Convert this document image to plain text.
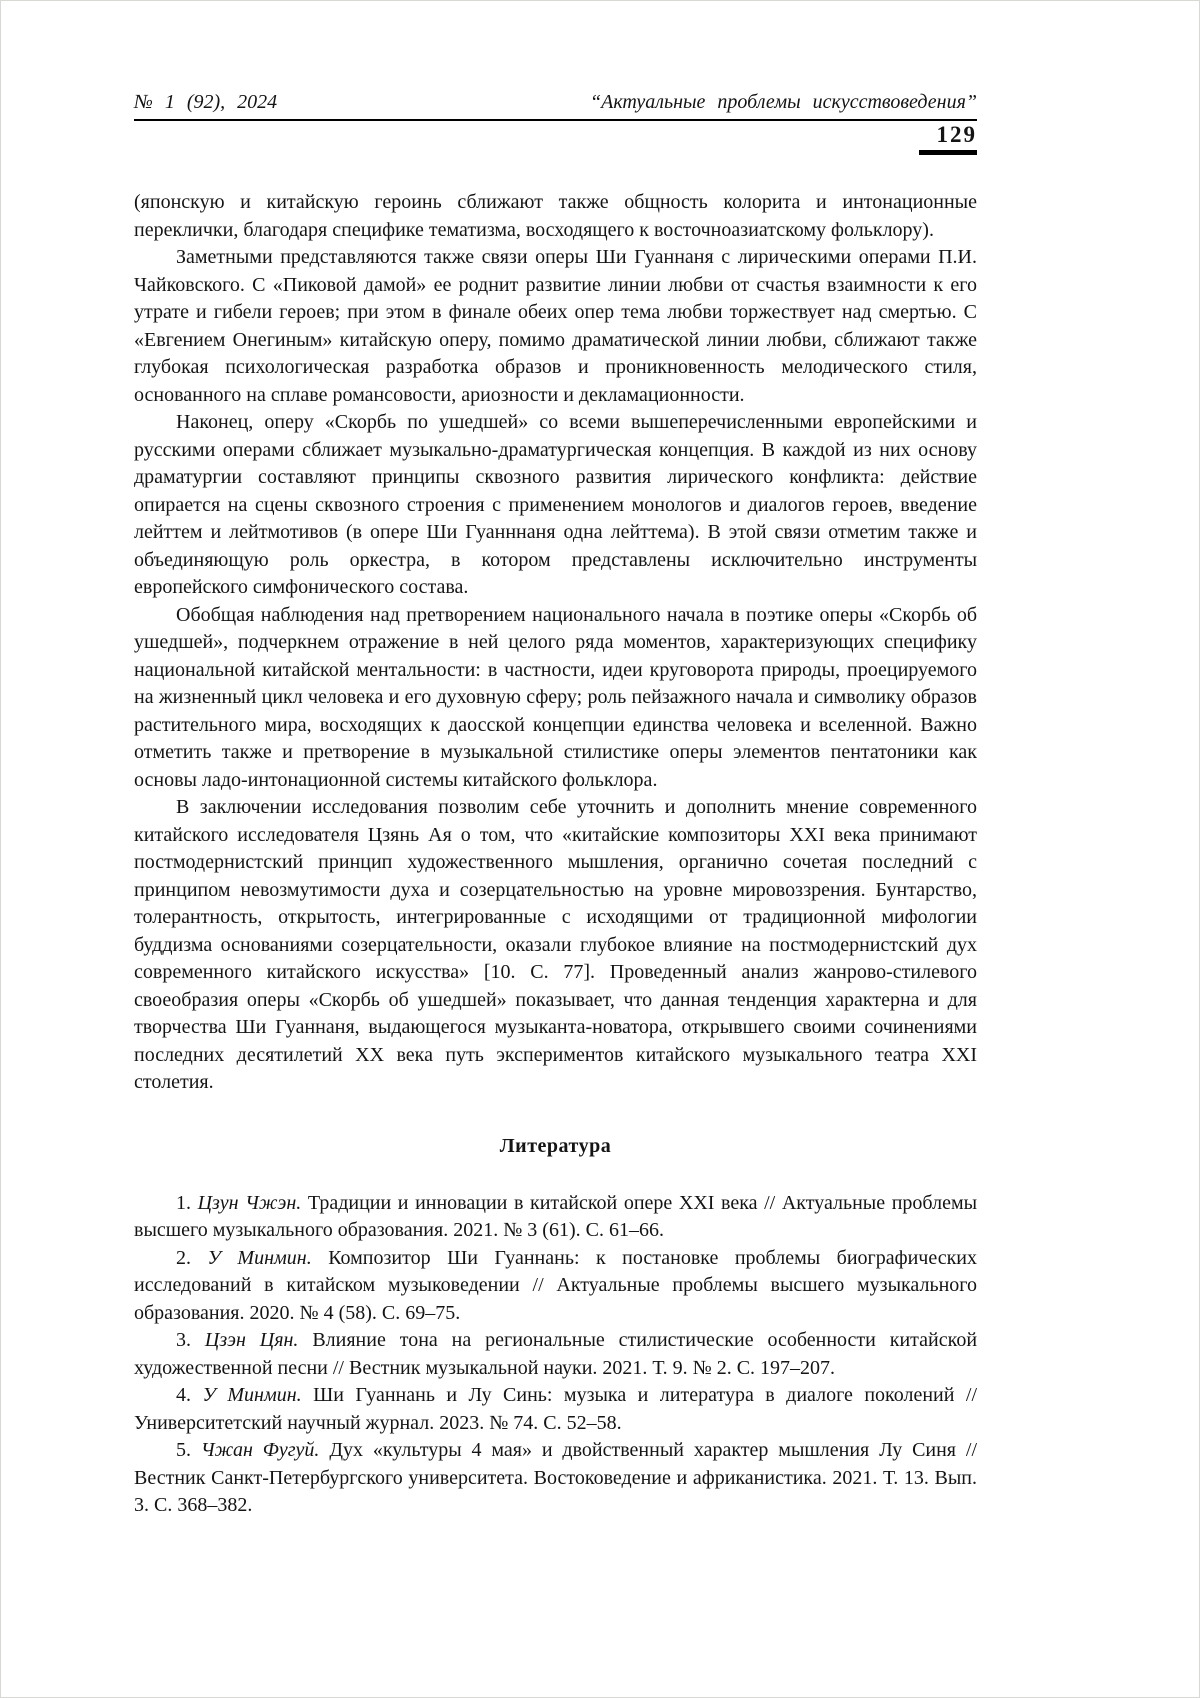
№ 1 (92), 2024	“Актуальные проблемы искусствоведения”
129

(японскую и китайскую героинь сближают также общность колорита и интонационные переклички, благодаря специфике тематизма, восходящего к восточноазиатскому фольклору).

Заметными представляются также связи оперы Ши Гуаннаня с лирическими операми П.И. Чайковского. С «Пиковой дамой» ее роднит развитие линии любви от счастья взаимности к его утрате и гибели героев; при этом в финале обеих опер тема любви торжествует над смертью. С «Евгением Онегиным» китайскую оперу, помимо драматической линии любви, сближают также глубокая психологическая разработка образов и проникновенность мелодического стиля, основанного на сплаве романсовости, ариозности и декламационности.

Наконец, оперу «Скорбь по ушедшей» со всеми вышеперечисленными европейскими и русскими операми сближает музыкально-драматургическая концепция. В каждой из них основу драматургии составляют принципы сквозного развития лирического конфликта: действие опирается на сцены сквозного строения с применением монологов и диалогов героев, введение лейттем и лейтмотивов (в опере Ши Гуанннаня одна лейттема). В этой связи отметим также и объединяющую роль оркестра, в котором представлены исключительно инструменты европейского симфонического состава.

Обобщая наблюдения над претворением национального начала в поэтике оперы «Скорбь об ушедшей», подчеркнем отражение в ней целого ряда моментов, характеризующих специфику национальной китайской ментальности: в частности, идеи круговорота природы, проецируемого на жизненный цикл человека и его духовную сферу; роль пейзажного начала и символику образов растительного мира, восходящих к даосской концепции единства человека и вселенной. Важно отметить также и претворение в музыкальной стилистике оперы элементов пентатоники как основы ладо-интонационной системы китайского фольклора.

В заключении исследования позволим себе уточнить и дополнить мнение современного китайского исследователя Цзянь Ая о том, что «китайские композиторы XXI века принимают постмодернистский принцип художественного мышления, органично сочетая последний с принципом невозмутимости духа и созерцательностью на уровне мировоззрения. Бунтарство, толерантность, открытость, интегрированные с исходящими от традиционной мифологии буддизма основаниями созерцательности, оказали глубокое влияние на постмодернистский дух современного китайского искусства» [10. С. 77]. Проведенный анализ жанрово-стилевого своеобразия оперы «Скорбь об ушедшей» показывает, что данная тенденция характерна и для творчества Ши Гуаннаня, выдающегося музыканта-новатора, открывшего своими сочинениями последних десятилетий XX века путь экспериментов китайского музыкального театра XXI столетия.

Литература

1. Цзун Чжэн. Традиции и инновации в китайской опере XXI века // Актуальные проблемы высшего музыкального образования. 2021. № 3 (61). С. 61–66.

2. У Минмин. Композитор Ши Гуаннань: к постановке проблемы биографических исследований в китайском музыковедении // Актуальные проблемы высшего музыкального образования. 2020. № 4 (58). С. 69–75.

3. Цзэн Цян. Влияние тона на региональные стилистические особенности китайской художественной песни // Вестник музыкальной науки. 2021. Т. 9. № 2. С. 197–207.

4. У Минмин. Ши Гуаннань и Лу Синь: музыка и литература в диалоге поколений // Университетский научный журнал. 2023. № 74. С. 52–58.

5. Чжан Фугуй. Дух «культуры 4 мая» и двойственный характер мышления Лу Синя // Вестник Санкт-Петербургского университета. Востоковедение и африканистика. 2021. Т. 13. Вып. 3. С. 368–382.
